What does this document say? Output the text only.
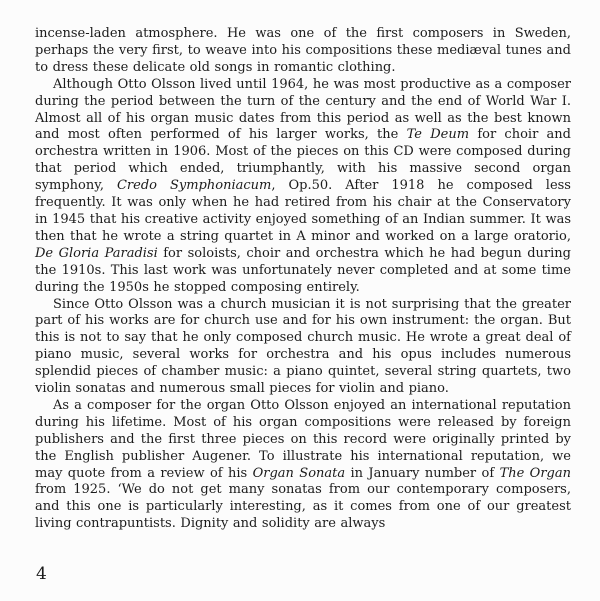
incense-laden atmosphere. He was one of the first composers in Sweden, perhaps the very first, to weave into his compositions these mediæval tunes and to dress these delicate old songs in romantic clothing.

Although Otto Olsson lived until 1964, he was most productive as a composer during the period between the turn of the century and the end of World War I. Almost all of his organ music dates from this period as well as the best known and most often performed of his larger works, the Te Deum for choir and orchestra written in 1906. Most of the pieces on this CD were composed during that period which ended, triumphantly, with his massive second organ symphony, Credo Symphoniacum, Op.50. After 1918 he composed less frequently. It was only when he had retired from his chair at the Conservatory in 1945 that his creative activity enjoyed something of an Indian summer. It was then that he wrote a string quartet in A minor and worked on a large oratorio, De Gloria Paradisi for soloists, choir and orchestra which he had begun during the 1910s. This last work was unfortunately never completed and at some time during the 1950s he stopped composing entirely.

Since Otto Olsson was a church musician it is not surprising that the greater part of his works are for church use and for his own instrument: the organ. But this is not to say that he only composed church music. He wrote a great deal of piano music, several works for orchestra and his opus includes numerous splendid pieces of chamber music: a piano quintet, several string quartets, two violin sonatas and numerous small pieces for violin and piano.

As a composer for the organ Otto Olsson enjoyed an international reputation during his lifetime. Most of his organ compositions were released by foreign publishers and the first three pieces on this record were originally printed by the English publisher Augener. To illustrate his international reputation, we may quote from a review of his Organ Sonata in January number of The Organ from 1925. ‘We do not get many sonatas from our contemporary composers, and this one is particularly interesting, as it comes from one of our greatest living contrapuntists. Dignity and solidity are always

4
